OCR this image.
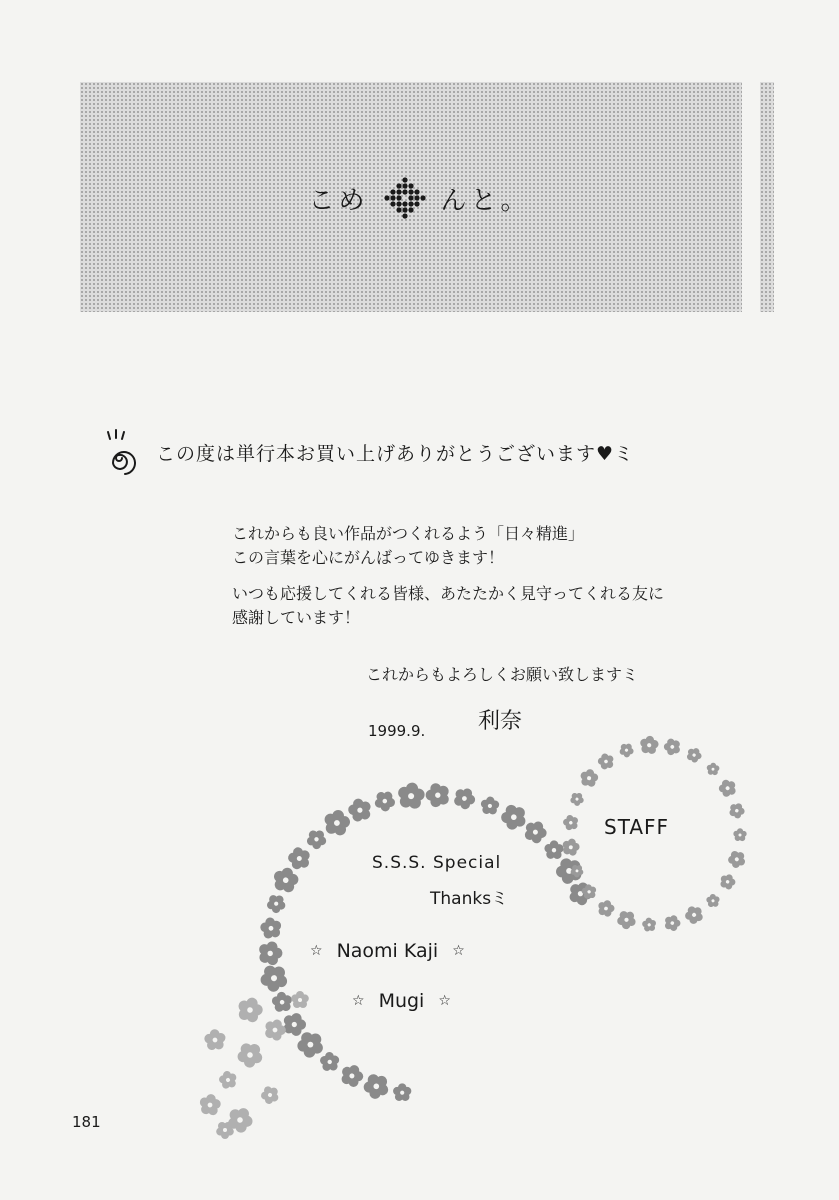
こめ	んと。
この度は単行本お買い上げありがとうございます♥ミ

これからも良い作品がつくれるよう「日々精進」

この言葉を心にがんばってゆきます！

いつも応援してくれる皆様、あたたかく見守ってくれる友に

感謝しています！

これからもよろしくお願い致しますミ
1999.9. 利奈
STAFF
S.S.S. Special
Thanksミ
☆ Naomi Kaji ☆
☆ Mugi ☆
181
